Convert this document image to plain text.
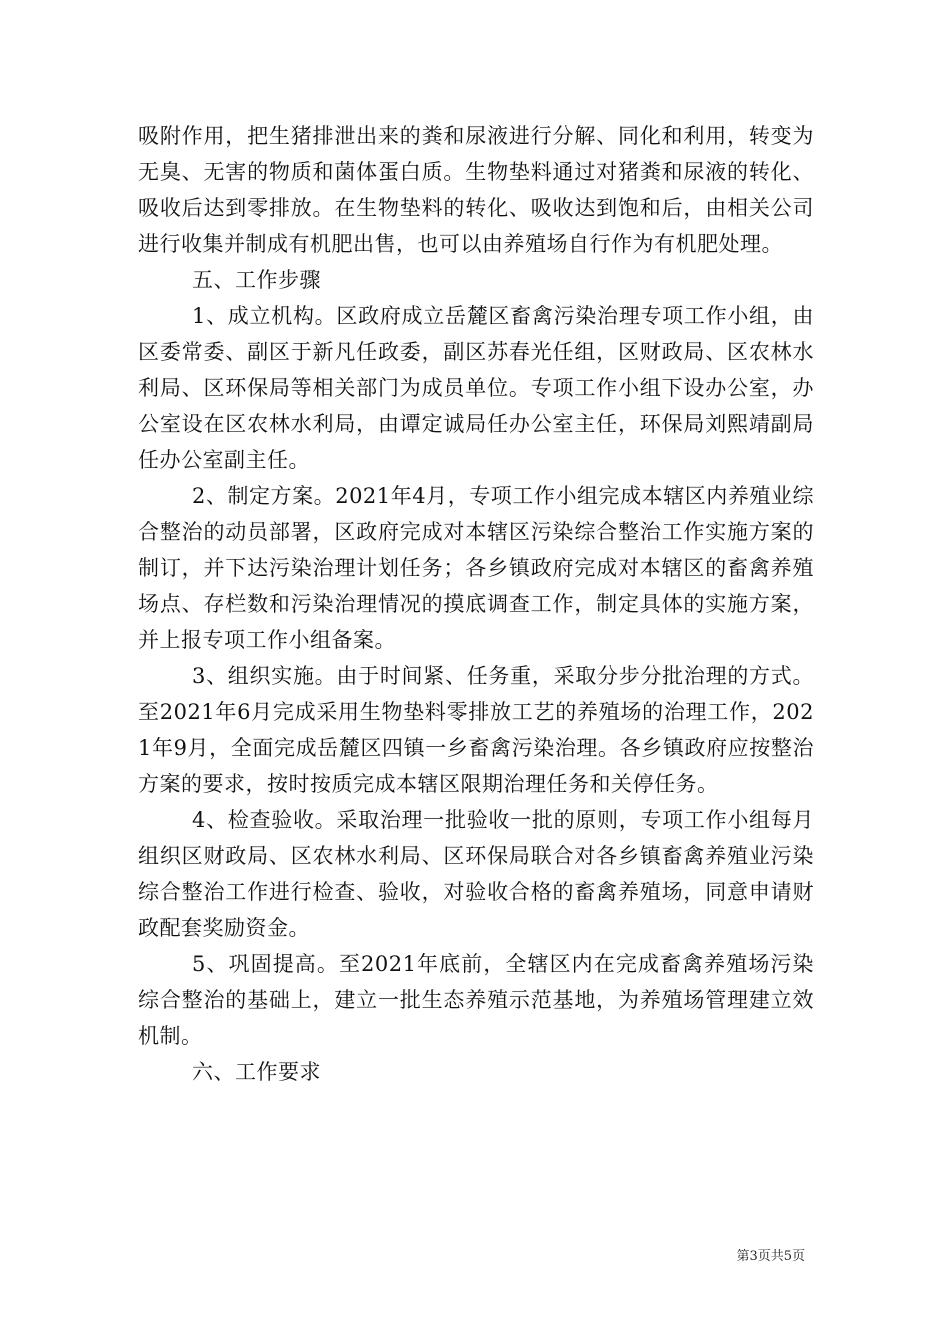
吸附作用，把生猪排泄出来的粪和尿液进行分解、同化和利用，转变为无臭、无害的物质和菌体蛋白质。生物垫料通过对猪粪和尿液的转化、吸收后达到零排放。在生物垫料的转化、吸收达到饱和后，由相关公司进行收集并制成有机肥出售，也可以由养殖场自行作为有机肥处理。

五、工作步骤

1、成立机构。区政府成立岳麓区畜禽污染治理专项工作小组，由区委常委、副区于新凡任政委，副区苏春光任组，区财政局、区农林水利局、区环保局等相关部门为成员单位。专项工作小组下设办公室，办公室设在区农林水利局，由谭定诚局任办公室主任，环保局刘熙靖副局任办公室副主任。

2、制定方案。2021年4月，专项工作小组完成本辖区内养殖业综合整治的动员部署，区政府完成对本辖区污染综合整治工作实施方案的制订，并下达污染治理计划任务；各乡镇政府完成对本辖区的畜禽养殖场点、存栏数和污染治理情况的摸底调查工作，制定具体的实施方案，并上报专项工作小组备案。

3、组织实施。由于时间紧、任务重，采取分步分批治理的方式。至2021年6月完成采用生物垫料零排放工艺的养殖场的治理工作，2021年9月，全面完成岳麓区四镇一乡畜禽污染治理。各乡镇政府应按整治方案的要求，按时按质完成本辖区限期治理任务和关停任务。

4、检查验收。采取治理一批验收一批的原则，专项工作小组每月组织区财政局、区农林水利局、区环保局联合对各乡镇畜禽养殖业污染综合整治工作进行检查、验收，对验收合格的畜禽养殖场，同意申请财政配套奖励资金。

5、巩固提高。至2021年底前，全辖区内在完成畜禽养殖场污染综合整治的基础上，建立一批生态养殖示范基地，为养殖场管理建立效机制。

六、工作要求

第3页共5页
